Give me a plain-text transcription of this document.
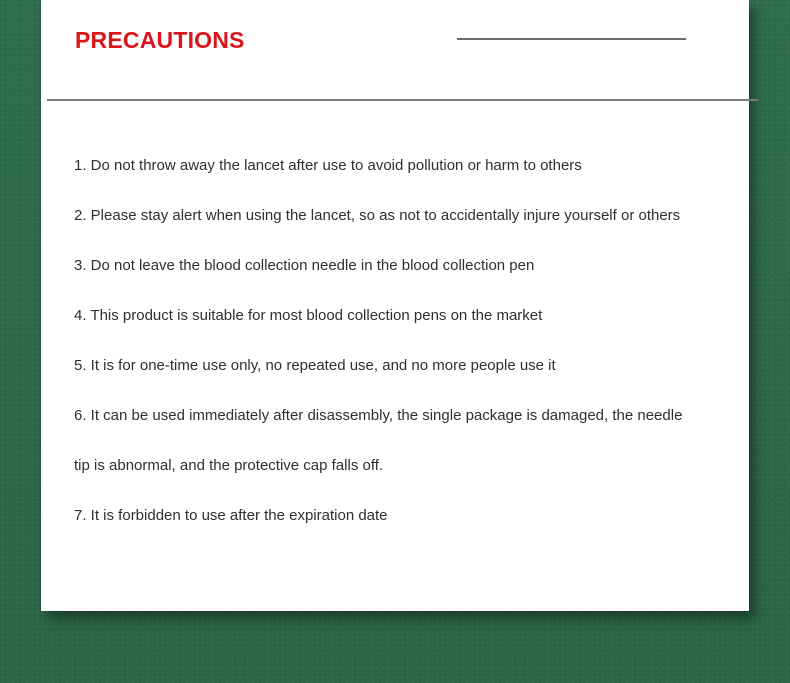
PRECAUTIONS
1. Do not throw away the lancet after use to avoid pollution or harm to others
2. Please stay alert when using the lancet, so as not to accidentally injure yourself or others
3. Do not leave the blood collection needle in the blood collection pen
4. This product is suitable for most blood collection pens on the market
5. It is for one-time use only, no repeated use, and no more people use it
6. It can be used immediately after disassembly, the single package is damaged, the needle
tip is abnormal, and the protective cap falls off.
7. It is forbidden to use after the expiration date
